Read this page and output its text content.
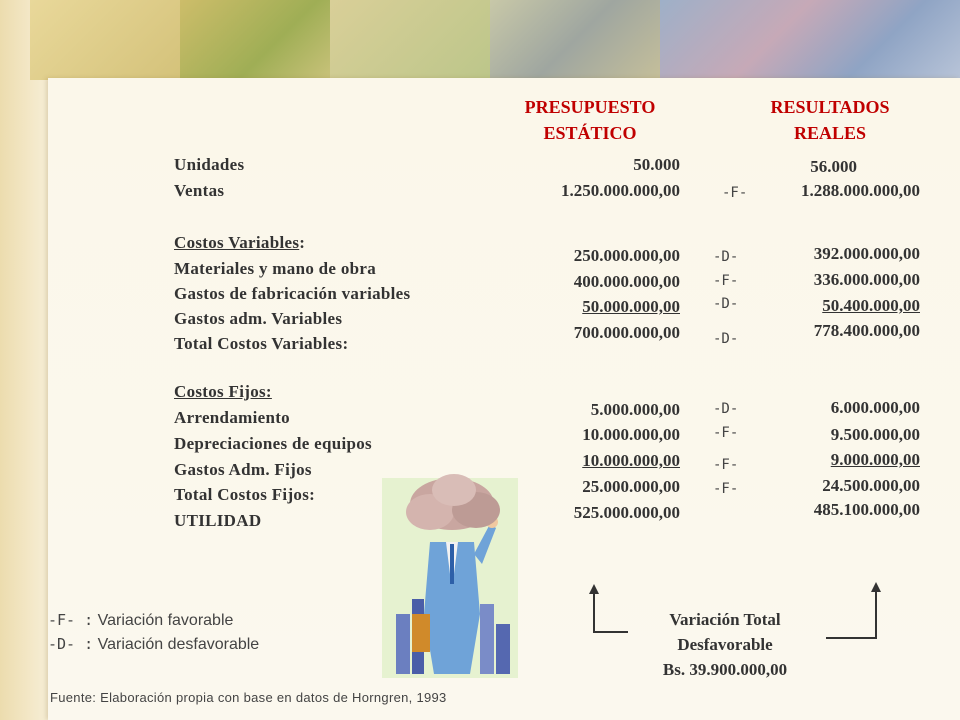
PRESUPUESTO
ESTÁTICO
RESULTADOS
REALES
Unidades
Ventas
Costos Variables:
Materiales y mano de obra
Gastos de fabricación variables
Gastos adm. Variables
Total Costos Variables:
Costos Fijos:
Arrendamiento
Depreciaciones de equipos
Gastos Adm. Fijos
Total Costos Fijos:
UTILIDAD
50.000
1.250.000.000,00
250.000.000,00
400.000.000,00
50.000.000,00
700.000.000,00
5.000.000,00
10.000.000,00
10.000.000,00
25.000.000,00
525.000.000,00
-F-
-D-
-F-
-D-
-D-
-D-
-F-
-F-
-F-
56.000
1.288.000.000,00
392.000.000,00
336.000.000,00
50.400.000,00
778.400.000,00
6.000.000,00
9.500.000,00
9.000.000,00
24.500.000,00
485.100.000,00
-F- : Variación favorable
-D- : Variación desfavorable
Variación Total
Desfavorable
Bs. 39.900.000,00
Fuente: Elaboración propia con base en datos de Horngren, 1993
